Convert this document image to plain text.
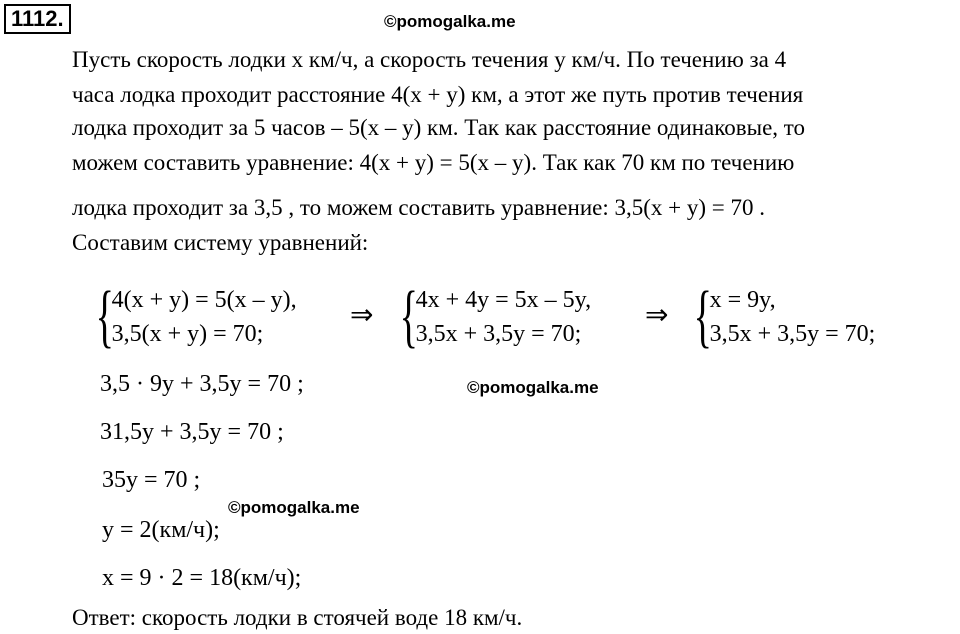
1112.	©pomogalka.me
Пусть скорость лодки x км/ч, а скорость течения y км/ч. По течению за 4
часа лодка проходит расстояние 4(x + y) км, а этот же путь против течения
лодка проходит за 5 часов – 5(x – y) км. Так как расстояние одинаковые, то
можем составить уравнение: 4(x + y) = 5(x – y). Так как 70 км по течению
лодка проходит за 3,5 , то можем составить уравнение: 3,5(x + y) = 70 .
Составим систему уравнений:
{
4(x + y) = 5(x – y),
3,5(x + y) = 70;
⇒ {
4x + 4y = 5x – 5y,
3,5x + 3,5y = 70;
⇒ {
x = 9y,
3,5x + 3,5y = 70;
3,5 · 9y + 3,5y = 70 ;	©pomogalka.me
31,5y + 3,5y = 70 ;
35y = 70 ;
©pomogalka.me
y = 2(км/ч);
x = 9 · 2 = 18(км/ч);
Ответ: скорость лодки в стоячей воде 18 км/ч.
